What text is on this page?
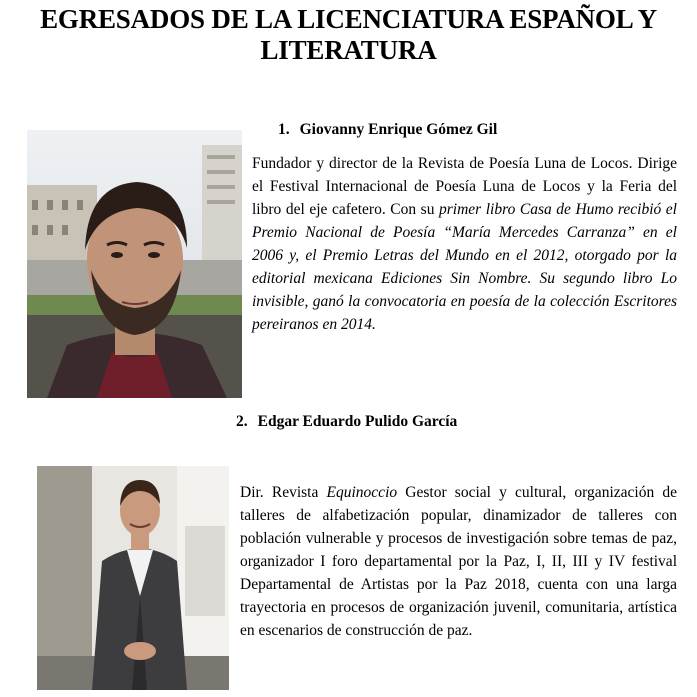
EGRESADOS DE LA LICENCIATURA ESPAÑOL Y
LITERATURA
1. Giovanny Enrique Gómez Gil
Fundador y director de la Revista de Poesía Luna de Locos. Dirige el Festival Internacional de Poesía Luna de Locos y la Feria del libro del eje cafetero. Con su primer libro Casa de Humo recibió el Premio Nacional de Poesía “María Mercedes Carranza” en el 2006 y, el Premio Letras del Mundo en el 2012, otorgado por la editorial mexicana Ediciones Sin Nombre. Su segundo libro Lo invisible, ganó la convocatoria en poesía de la colección Escritores pereiranos en 2014.
2. Edgar Eduardo Pulido García
Dir. Revista Equinoccio Gestor social y cultural, organización de talleres de alfabetización popular, dinamizador de talleres con población vulnerable y procesos de investigación sobre temas de paz, organizador I foro departamental por la Paz, I, II, III y IV festival Departamental de Artistas por la Paz 2018, cuenta con una larga trayectoria en procesos de organización juvenil, comunitaria, artística en escenarios de construcción de paz.
